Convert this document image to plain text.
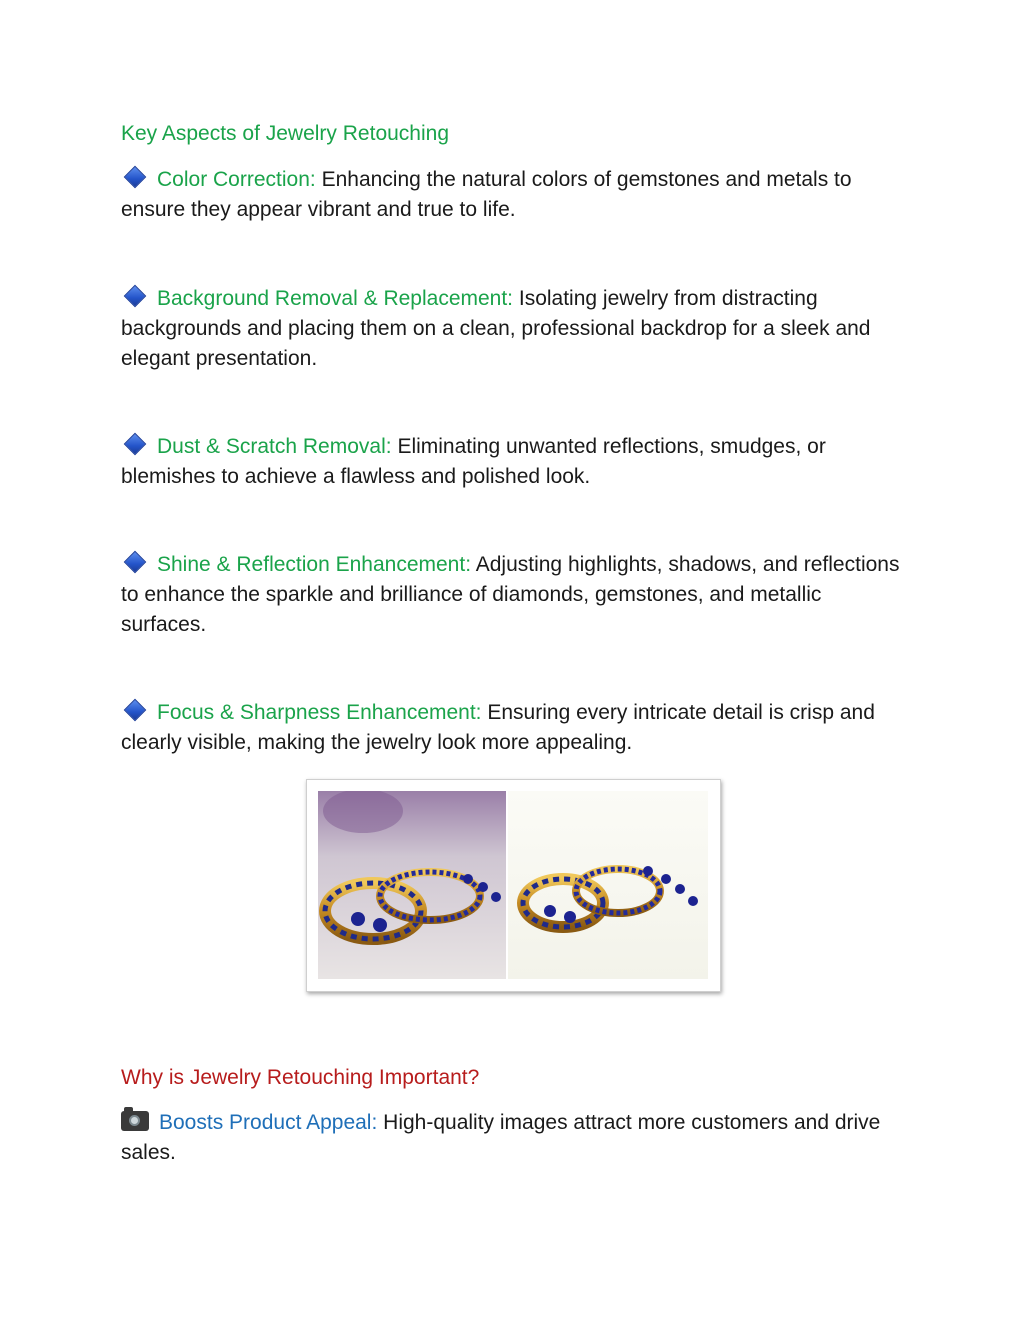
Key Aspects of Jewelry Retouching

Color Correction: Enhancing the natural colors of gemstones and metals to ensure they appear vibrant and true to life.

Background Removal & Replacement: Isolating jewelry from distracting backgrounds and placing them on a clean, professional backdrop for a sleek and elegant presentation.

Dust & Scratch Removal: Eliminating unwanted reflections, smudges, or blemishes to achieve a flawless and polished look.

Shine & Reflection Enhancement: Adjusting highlights, shadows, and reflections to enhance the sparkle and brilliance of diamonds, gemstones, and metallic surfaces.

Focus & Sharpness Enhancement: Ensuring every intricate detail is crisp and clearly visible, making the jewelry look more appealing.

Why is Jewelry Retouching Important?

Boosts Product Appeal: High-quality images attract more customers and drive sales.
